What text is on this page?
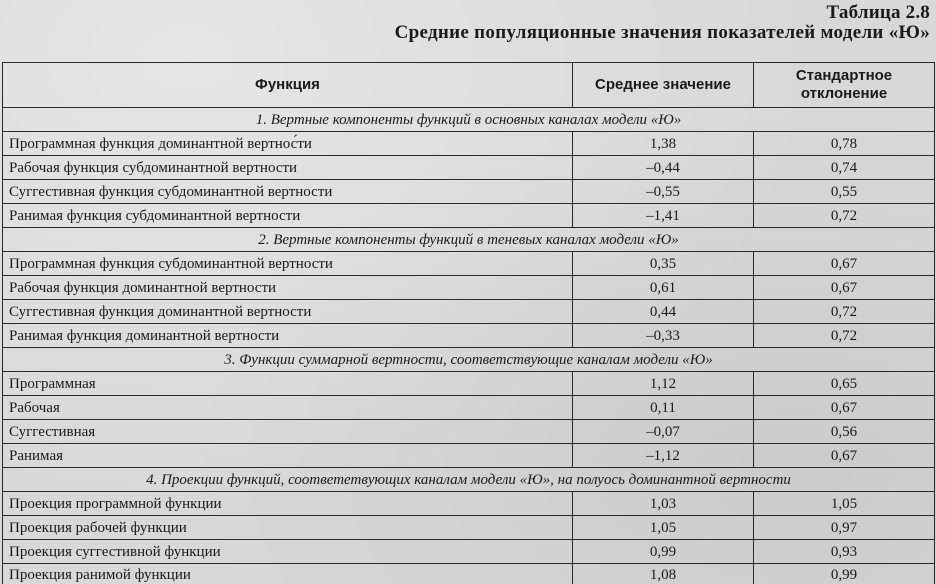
Таблица 2.8
Средние популяционные значения показателей модели «Ю»
Функция	Среднее значение	Стандартное
отклонение
1. Вертные компоненты функций в основных каналах модели «Ю»		
Программная функция доминантной вертнос́ти	1,38	0,78
Рабочая функция субдоминантной вертности	–0,44	0,74
Суггестивная функция субдоминантной вертности	–0,55	0,55
Ранимая функция субдоминантной вертности	–1,41	0,72
2. Вертные компоненты функций в теневых каналах модели «Ю»		
Программная функция субдоминантной вертности	0,35	0,67
Рабочая функция доминантной вертности	0,61	0,67
Суггестивная функция доминантной вертности	0,44	0,72
Ранимая функция доминантной вертности	–0,33	0,72
3. Функции суммарной вертности, соответствующие каналам модели «Ю»		
Программная	1,12	0,65
Рабочая	0,11	0,67
Суггестивная	–0,07	0,56
Ранимая	–1,12	0,67
4. Проекции функций, соответетвующих каналам модели «Ю», на полуось доминантной вертности		
Проекция программной функции	1,03	1,05
Проекция рабочей функции	1,05	0,97
Проекция суггестивной функции	0,99	0,93
Проекция ранимой функции	1,08	0,99
